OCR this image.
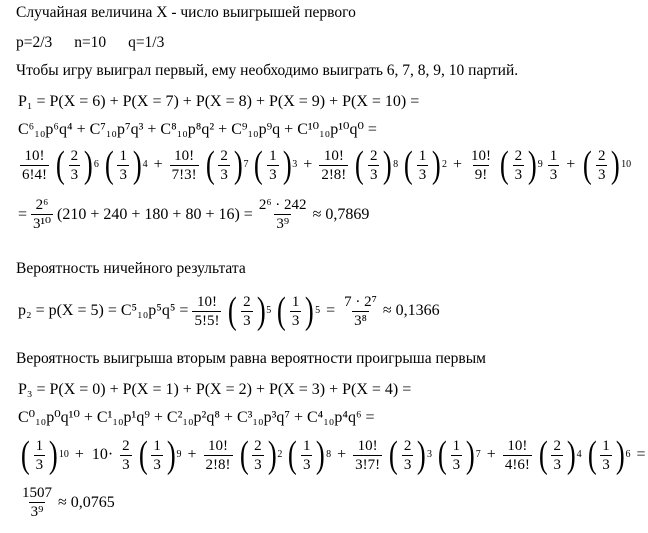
Случайная величина X - число выигрышей первого
p=2/3 n=10 q=1/3
Чтобы игру выиграл первый, ему необходимо выиграть 6, 7, 8, 9, 10 партий.
P₁ = P(X = 6) + P(X = 7) + P(X = 8) + P(X = 9) + P(X = 10) =
C⁶₁₀p⁶q⁴ + C⁷₁₀p⁷q³ + C⁸₁₀p⁸q² + C⁹₁₀p⁹q + C¹⁰₁₀p¹⁰q⁰ =
$\frac{10!}{6!4!}$ ( $\frac{2}{3}$ ) 6 ( $\frac{1}{3}$ ) $4 + \frac{10!}{7!3!}$ ( $\frac{2}{3}$ ) 7 ( $\frac{1}{3}$ ) $3 + \frac{10!}{2!8!}$ ( $\frac{2}{3}$ ) 8 ( $\frac{1}{3}$ ) $2 + \frac{10!}{9!}$ ( $\frac{2}{3}$ ) $9 \frac{1}{3}$ + ( $\frac{2}{3}$ ) 10
= $\frac{\text{2⁶}}{\text{3¹⁰}} (210 + 240 + 180 + 80 + 16) = \frac{\text{2⁶ · 242}}{\text{3⁹}} \approx 0,7869$
Вероятность ничейного результата
$p_2 = p(X = 5) = C^5_{10}p^5q^5 = \frac{10!}{5!5!}$ ( $\frac{2}{3}$ ) 5 ( $\frac{1}{3}$ ) $5 = \frac{\text{7 · 2⁷}}{\text{3⁸}} \approx 0,1366$
Вероятность выигрыша вторым равна вероятности проигрыша первым
P₃ = P(X = 0) + P(X = 1) + P(X = 2) + P(X = 3) + P(X = 4) =
C⁰₁₀p⁰q¹⁰ + C¹₁₀p¹q⁹ + C²₁₀p²q⁸ + C³₁₀p³q⁷ + C⁴₁₀p⁴q⁶ =
( $\frac{1}{3}$ ) $10 + 10\cdot \frac{2}{3}$ ( $\frac{1}{3}$ ) $9 + \frac{10!}{2!8!}$ ( $\frac{2}{3}$ ) 2 ( $\frac{1}{3}$ ) $8 + \frac{10!}{3!7!}$ ( $\frac{2}{3}$ ) 3 ( $\frac{1}{3}$ ) $7 + \frac{10!}{4!6!}$ ( $\frac{2}{3}$ ) 4 ( $\frac{1}{3}$ ) 6 =
$\frac{1507}{\text{3⁹}} \approx 0,0765$
